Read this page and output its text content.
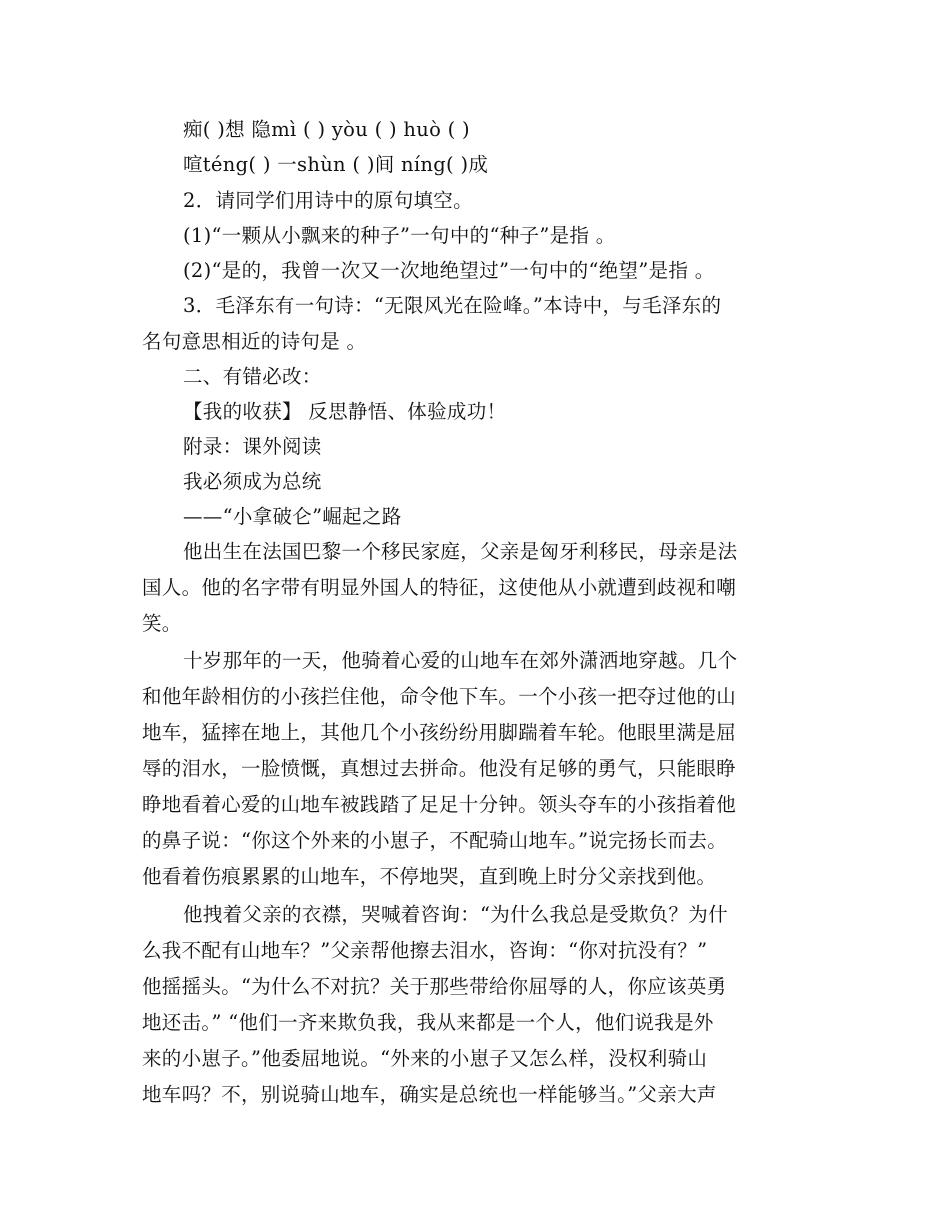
痴( )想 隐mì ( ) yòu ( ) huò ( )
喧téng( ) 一shùn ( )间 níng( )成
2．请同学们用诗中的原句填空。
(1)“一颗从小飘来的种子”一句中的“种子”是指 。
(2)“是的，我曾一次又一次地绝望过”一句中的“绝望”是指 。
3．毛泽东有一句诗：“无限风光在险峰。”本诗中，与毛泽东的
名句意思相近的诗句是 。
二、有错必改：
【我的收获】 反思静悟、体验成功！
附录：课外阅读
我必须成为总统
——“小拿破仑”崛起之路
他出生在法国巴黎一个移民家庭，父亲是匈牙利移民，母亲是法
国人。他的名字带有明显外国人的特征，这使他从小就遭到歧视和嘲
笑。
十岁那年的一天，他骑着心爱的山地车在郊外潇洒地穿越。几个
和他年龄相仿的小孩拦住他，命令他下车。一个小孩一把夺过他的山
地车，猛摔在地上，其他几个小孩纷纷用脚踹着车轮。他眼里满是屈
辱的泪水，一脸愤慨，真想过去拼命。他没有足够的勇气，只能眼睁
睁地看着心爱的山地车被践踏了足足十分钟。领头夺车的小孩指着他
的鼻子说：“你这个外来的小崽子，不配骑山地车。”说完扬长而去。
他看着伤痕累累的山地车，不停地哭，直到晚上时分父亲找到他。
他拽着父亲的衣襟，哭喊着咨询：“为什么我总是受欺负？为什
么我不配有山地车？”父亲帮他擦去泪水，咨询：“你对抗没有？”
他摇摇头。“为什么不对抗？关于那些带给你屈辱的人，你应该英勇
地还击。” “他们一齐来欺负我，我从来都是一个人，他们说我是外
来的小崽子。”他委屈地说。“外来的小崽子又怎么样，没权利骑山
地车吗？不，别说骑山地车，确实是总统也一样能够当。”父亲大声
